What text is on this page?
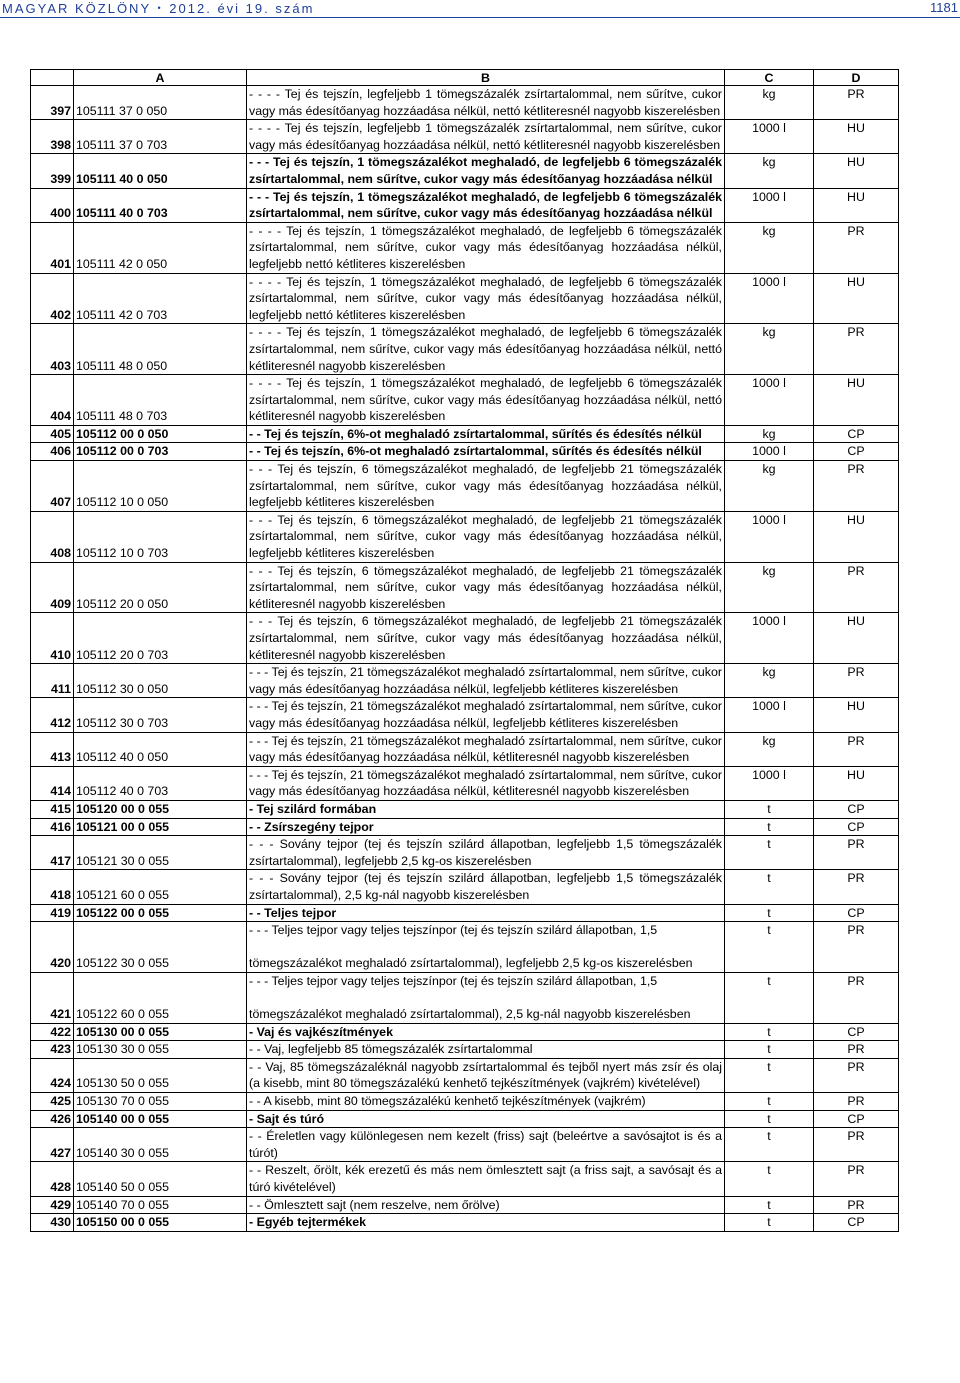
MAGYAR KÖZLÖNY • 2012. évi 19. szám	1181
	A	B	C	D
397	105111 37 0 050	- - - - Tej és tejszín, legfeljebb 1 tömegszázalék zsírtartalommal, nem sűrítve, cukor vagy más édesítőanyag hozzáadása nélkül, nettó kétliteresnél nagyobb kiszerelésben	kg	PR
398	105111 37 0 703	- - - - Tej és tejszín, legfeljebb 1 tömegszázalék zsírtartalommal, nem sűrítve, cukor vagy más édesítőanyag hozzáadása nélkül, nettó kétliteresnél nagyobb kiszerelésben	1000 l	HU
399	105111 40 0 050	- - - Tej és tejszín, 1 tömegszázalékot meghaladó, de legfeljebb 6 tömegszázalék zsírtartalommal, nem sűrítve, cukor vagy más édesítőanyag hozzáadása nélkül	kg	HU
400	105111 40 0 703	- - - Tej és tejszín, 1 tömegszázalékot meghaladó, de legfeljebb 6 tömegszázalék zsírtartalommal, nem sűrítve, cukor vagy más édesítőanyag hozzáadása nélkül	1000 l	HU
401	105111 42 0 050	- - - - Tej és tejszín, 1 tömegszázalékot meghaladó, de legfeljebb 6 tömegszázalék zsírtartalommal, nem sűrítve, cukor vagy más édesítőanyag hozzáadása nélkül, legfeljebb nettó kétliteres kiszerelésben	kg	PR
402	105111 42 0 703	- - - - Tej és tejszín, 1 tömegszázalékot meghaladó, de legfeljebb 6 tömegszázalék zsírtartalommal, nem sűrítve, cukor vagy más édesítőanyag hozzáadása nélkül, legfeljebb nettó kétliteres kiszerelésben	1000 l	HU
403	105111 48 0 050	- - - - Tej és tejszín, 1 tömegszázalékot meghaladó, de legfeljebb 6 tömegszázalék zsírtartalommal, nem sűrítve, cukor vagy más édesítőanyag hozzáadása nélkül, nettó kétliteresnél nagyobb kiszerelésben	kg	PR
404	105111 48 0 703	- - - - Tej és tejszín, 1 tömegszázalékot meghaladó, de legfeljebb 6 tömegszázalék zsírtartalommal, nem sűrítve, cukor vagy más édesítőanyag hozzáadása nélkül, nettó kétliteresnél nagyobb kiszerelésben	1000 l	HU
405	105112 00 0 050	- - Tej és tejszín, 6%-ot meghaladó zsírtartalommal, sűrítés és édesítés nélkül	kg	CP
406	105112 00 0 703	- - Tej és tejszín, 6%-ot meghaladó zsírtartalommal, sűrítés és édesítés nélkül	1000 l	CP
407	105112 10 0 050	- - - Tej és tejszín, 6 tömegszázalékot meghaladó, de legfeljebb 21 tömegszázalék zsírtartalommal, nem sűrítve, cukor vagy más édesítőanyag hozzáadása nélkül, legfeljebb kétliteres kiszerelésben	kg	PR
408	105112 10 0 703	- - - Tej és tejszín, 6 tömegszázalékot meghaladó, de legfeljebb 21 tömegszázalék zsírtartalommal, nem sűrítve, cukor vagy más édesítőanyag hozzáadása nélkül, legfeljebb kétliteres kiszerelésben	1000 l	HU
409	105112 20 0 050	- - - Tej és tejszín, 6 tömegszázalékot meghaladó, de legfeljebb 21 tömegszázalék zsírtartalommal, nem sűrítve, cukor vagy más édesítőanyag hozzáadása nélkül, kétliteresnél nagyobb kiszerelésben	kg	PR
410	105112 20 0 703	- - - Tej és tejszín, 6 tömegszázalékot meghaladó, de legfeljebb 21 tömegszázalék zsírtartalommal, nem sűrítve, cukor vagy más édesítőanyag hozzáadása nélkül, kétliteresnél nagyobb kiszerelésben	1000 l	HU
411	105112 30 0 050	- - - Tej és tejszín, 21 tömegszázalékot meghaladó zsírtartalommal, nem sűrítve, cukor vagy más édesítőanyag hozzáadása nélkül, legfeljebb kétliteres kiszerelésben	kg	PR
412	105112 30 0 703	- - - Tej és tejszín, 21 tömegszázalékot meghaladó zsírtartalommal, nem sűrítve, cukor vagy más édesítőanyag hozzáadása nélkül, legfeljebb kétliteres kiszerelésben	1000 l	HU
413	105112 40 0 050	- - - Tej és tejszín, 21 tömegszázalékot meghaladó zsírtartalommal, nem sűrítve, cukor vagy más édesítőanyag hozzáadása nélkül, kétliteresnél nagyobb kiszerelésben	kg	PR
414	105112 40 0 703	- - - Tej és tejszín, 21 tömegszázalékot meghaladó zsírtartalommal, nem sűrítve, cukor vagy más édesítőanyag hozzáadása nélkül, kétliteresnél nagyobb kiszerelésben	1000 l	HU
415	105120 00 0 055	- Tej szilárd formában	t	CP
416	105121 00 0 055	- - Zsírszegény tejpor	t	CP
417	105121 30 0 055	- - - Sovány tejpor (tej és tejszín szilárd állapotban, legfeljebb 1,5 tömegszázalék zsírtartalommal), legfeljebb 2,5 kg-os kiszerelésben	t	PR
418	105121 60 0 055	- - - Sovány tejpor (tej és tejszín szilárd állapotban, legfeljebb 1,5 tömegszázalék zsírtartalommal), 2,5 kg-nál nagyobb kiszerelésben	t	PR
419	105122 00 0 055	- - Teljes tejpor	t	CP
420	105122 30 0 055	- - - Teljes tejpor vagy teljes tejszínpor (tej és tejszín szilárd állapotban, 1,5

tömegszázalékot meghaladó zsírtartalommal), legfeljebb 2,5 kg-os kiszerelésben	t	PR
421	105122 60 0 055	- - - Teljes tejpor vagy teljes tejszínpor (tej és tejszín szilárd állapotban, 1,5

tömegszázalékot meghaladó zsírtartalommal), 2,5 kg-nál nagyobb kiszerelésben	t	PR
422	105130 00 0 055	- Vaj és vajkészítmények	t	CP
423	105130 30 0 055	- - Vaj, legfeljebb 85 tömegszázalék zsírtartalommal	t	PR
424	105130 50 0 055	- - Vaj, 85 tömegszázaléknál nagyobb zsírtartalommal és tejből nyert más zsír és olaj (a kisebb, mint 80 tömegszázalékú kenhető tejkészítmények (vajkrém) kivételével)	t	PR
425	105130 70 0 055	- - A kisebb, mint 80 tömegszázalékú kenhető tejkészítmények (vajkrém)	t	PR
426	105140 00 0 055	- Sajt és túró	t	CP
427	105140 30 0 055	- - Éreletlen vagy különlegesen nem kezelt (friss) sajt (beleértve a savósajtot is és a túrót)	t	PR
428	105140 50 0 055	- - Reszelt, őrölt, kék erezetű és más nem ömlesztett sajt (a friss sajt, a savósajt és a túró kivételével)	t	PR
429	105140 70 0 055	- - Ömlesztett sajt (nem reszelve, nem őrölve)	t	PR
430	105150 00 0 055	- Egyéb tejtermékek	t	CP
